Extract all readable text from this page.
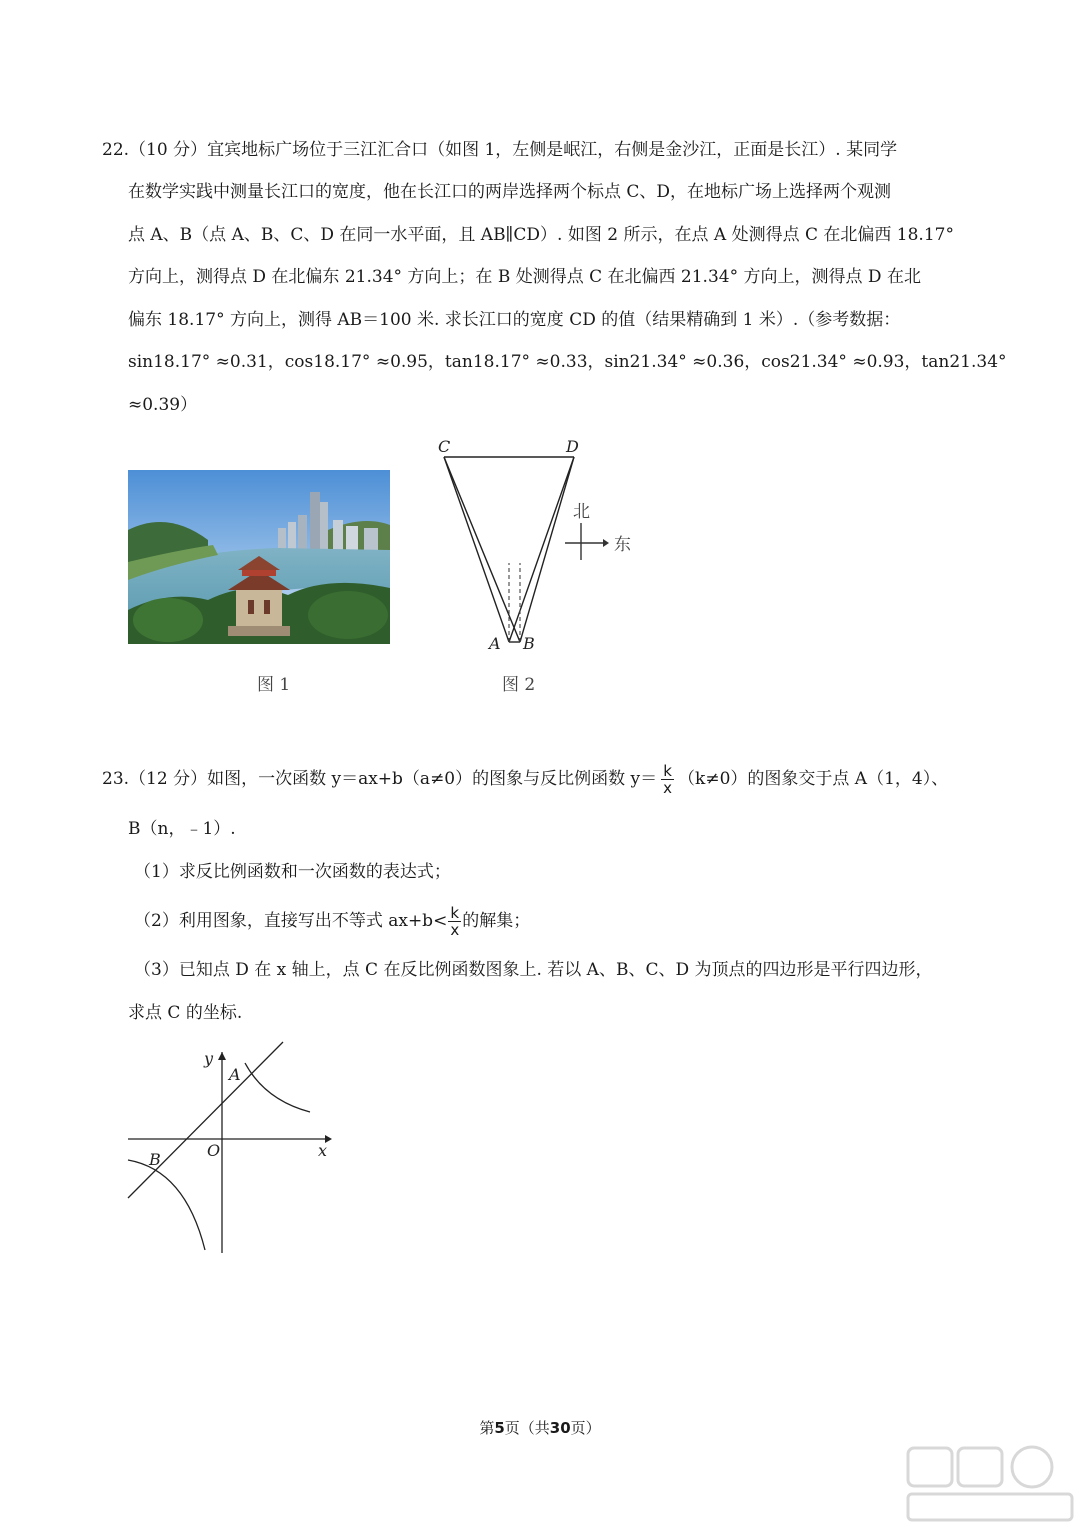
22.（10 分）宜宾地标广场位于三江汇合口（如图 1，左侧是岷江，右侧是金沙江，正面是长江）. 某同学
在数学实践中测量长江口的宽度，他在长江口的两岸选择两个标点 C、D，在地标广场上选择两个观测
点 A、B（点 A、B、C、D 在同一水平面，且 AB∥CD）. 如图 2 所示，在点 A 处测得点 C 在北偏西 18.17°
方向上，测得点 D 在北偏东 21.34° 方向上；在 B 处测得点 C 在北偏西 21.34° 方向上，测得点 D 在北
偏东 18.17° 方向上，测得 AB＝100 米. 求长江口的宽度 CD 的值（结果精确到 1 米）.（参考数据：
sin18.17° ≈0.31，cos18.17° ≈0.95，tan18.17° ≈0.33，sin21.34° ≈0.36，cos21.34° ≈0.93，tan21.34°
≈0.39）
图 1
C	D
A B
北
东
图 2
23.（12 分）如图，一次函数 y＝ax+b（a≠0）的图象与反比例函数 $y= \frac{k}{x} (k\ne 0)$的图象交于点 A（1，4）、
B（n，﹣1）.
（1）求反比例函数和一次函数的表达式；
（2）利用图象，直接写出不等式 $ax+b< \frac{k}{x}$ 的解集；
（3）已知点 D 在 x 轴上，点 C 在反比例函数图象上. 若以 A、B、C、D 为顶点的四边形是平行四边形，
求点 C 的坐标.
y
x
O
A
B
第5页（共30页）
